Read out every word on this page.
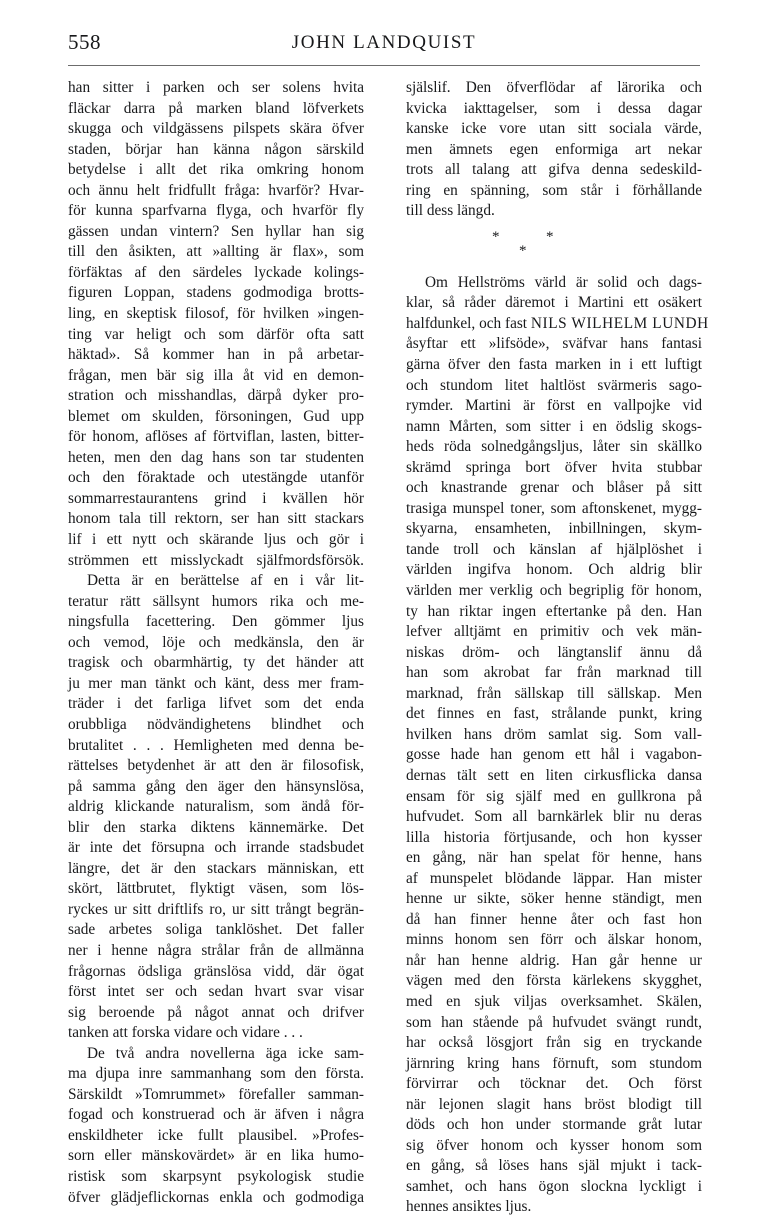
558	JOHN LANDQUIST

han sitter i parken och ser solens hvita
fläckar darra på marken bland löfverkets
skugga och vildgässens pilspets skära öfver
staden, börjar han känna någon särskild
betydelse i allt det rika omkring honom
och ännu helt fridfullt fråga: hvarför? Hvar-
för kunna sparfvarna flyga, och hvarför fly
gässen undan vintern? Sen hyllar han sig
till den åsikten, att »allting är flax», som
förfäktas af den särdeles lyckade kolings-
figuren Loppan, stadens godmodiga brotts-
ling, en skeptisk filosof, för hvilken »ingen-
ting var heligt och som därför ofta satt
häktad». Så kommer han in på arbetar-
frågan, men bär sig illa åt vid en demon-
stration och misshandlas, därpå dyker pro-
blemet om skulden, försoningen, Gud upp
för honom, aflöses af förtviflan, lasten, bitter-
heten, men den dag hans son tar studenten
och den föraktade och utestängde utanför
sommarrestaurantens grind i kvällen hör
honom tala till rektorn, ser han sitt stackars
lif i ett nytt och skärande ljus och gör i
strömmen ett misslyckadt själfmordsförsök.

Detta är en berättelse af en i vår lit-
teratur rätt sällsynt humors rika och me-
ningsfulla facettering. Den gömmer ljus
och vemod, löje och medkänsla, den är
tragisk och obarmhärtig, ty det händer att
ju mer man tänkt och känt, dess mer fram-
träder i det farliga lifvet som det enda
orubbliga nödvändighetens blindhet och
brutalitet . . . Hemligheten med denna be-
rättelses betydenhet är att den är filosofisk,
på samma gång den äger den hänsynslösa,
aldrig klickande naturalism, som ändå för-
blir den starka diktens kännemärke. Det
är inte det försupna och irrande stadsbudet
längre, det är den stackars människan, ett
skört, lättbrutet, flyktigt väsen, som lös-
ryckes ur sitt driftlifs ro, ur sitt trångt begrän-
sade arbetes soliga tanklöshet. Det faller
ner i henne några strålar från de allmänna
frågornas ödsliga gränslösa vidd, där ögat
först intet ser och sedan hvart svar visar
sig beroende på något annat och drifver
tanken att forska vidare och vidare . . .

De två andra novellerna äga icke sam-
ma djupa inre sammanhang som den första.
Särskildt »Tomrummet» förefaller samman-
fogad och konstruerad och är äfven i några
enskildheter icke fullt plausibel. »Profes-
sorn eller mänskovärdet» är en lika humo-
ristisk som skarpsynt psykologisk studie
öfver glädjeflickornas enkla och godmodiga

själslif. Den öfverflödar af lärorika och
kvicka iakttagelser, som i dessa dagar
kanske icke vore utan sitt sociala värde,
men ämnets egen enformiga art nekar
trots all talang att gifva denna sedeskild-
ring en spänning, som står i förhållande
till dess längd.

*	*
*

Om Hellströms värld är solid och dags-
klar, så råder däremot i Martini ett osäkert
halfdunkel, och fast NILS WILHELM LUNDH
åsyftar ett »lifsöde», sväfvar hans fantasi
gärna öfver den fasta marken in i ett luftigt
och stundom litet haltlöst svärmeris sago-
rymder. Martini är först en vallpojke vid
namn Mårten, som sitter i en ödslig skogs-
heds röda solnedgångsljus, låter sin skällko
skrämd springa bort öfver hvita stubbar
och knastrande grenar och blåser på sitt
trasiga munspel toner, som aftonskenet, mygg-
skyarna, ensamheten, inbillningen, skym-
tande troll och känslan af hjälplöshet i
världen ingifva honom. Och aldrig blir
världen mer verklig och begriplig för honom,
ty han riktar ingen eftertanke på den. Han
lefver alltjämt en primitiv och vek män-
niskas dröm- och längtanslif ännu då
han som akrobat far från marknad till
marknad, från sällskap till sällskap. Men
det finnes en fast, strålande punkt, kring
hvilken hans dröm samlat sig. Som vall-
gosse hade han genom ett hål i vagabon-
dernas tält sett en liten cirkusflicka dansa
ensam för sig själf med en gullkrona på
hufvudet. Som all barnkärlek blir nu deras
lilla historia förtjusande, och hon kysser
en gång, när han spelat för henne, hans
af munspelet blödande läppar. Han mister
henne ur sikte, söker henne ständigt, men
då han finner henne åter och fast hon
minns honom sen förr och älskar honom,
når han henne aldrig. Han går henne ur
vägen med den första kärlekens skygghet,
med en sjuk viljas overksamhet. Skälen,
som han stående på hufvudet svängt rundt,
har också lösgjort från sig en tryckande
järnring kring hans förnuft, som stundom
förvirrar och töcknar det. Och först
när lejonen slagit hans bröst blodigt till
döds och hon under stormande gråt lutar
sig öfver honom och kysser honom som
en gång, så löses hans själ mjukt i tack-
samhet, och hans ögon slockna lyckligt i
hennes ansiktes ljus.
